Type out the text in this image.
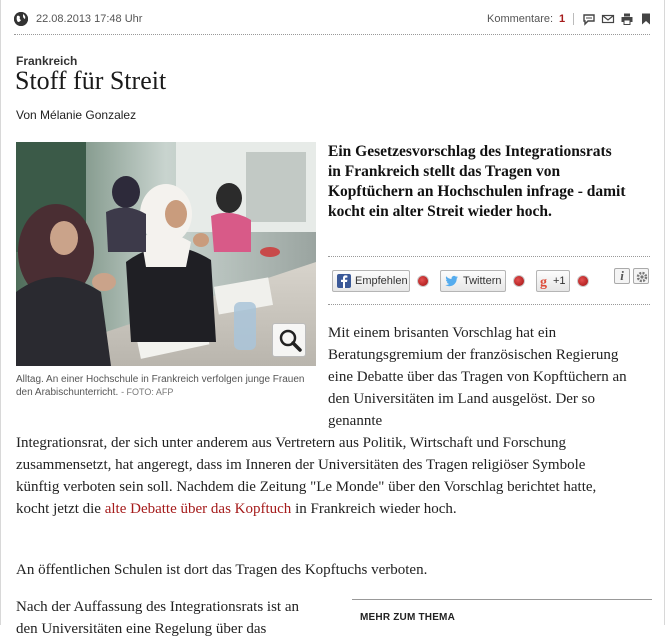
22.08.2013 17:48 Uhr	Kommentare: 1
Frankreich
Stoff für Streit
Von Mélanie Gonzalez
Alltag. An einer Hochschule in Frankreich verfolgen junge Frauen den Arabischunterricht. - FOTO: AFP
Ein Gesetzesvorschlag des Integrationsrats in Frankreich stellt das Tragen von Kopftüchern an Hochschulen infrage - damit kocht ein alter Streit wieder hoch.
Empfehlen	Twittern	g +1	i
Mit einem brisanten Vorschlag hat ein Beratungsgremium der französischen Regierung eine Debatte über das Tragen von Kopftüchern an den Universitäten im Land ausgelöst. Der so genannte
Integrationsrat, der sich unter anderem aus Vertretern aus Politik, Wirtschaft und Forschung zusammensetzt, hat angeregt, dass im Inneren der Universitäten des Tragen religiöser Symbole künftig verboten sein soll. Nachdem die Zeitung "Le Monde" über den Vorschlag berichtet hatte, kocht jetzt die alte Debatte über das Kopftuch in Frankreich wieder hoch.
An öffentlichen Schulen ist dort das Tragen des Kopftuchs verboten.
Nach der Auffassung des Integrationsrats ist an
den Universitäten eine Regelung über das
MEHR ZUM THEMA
